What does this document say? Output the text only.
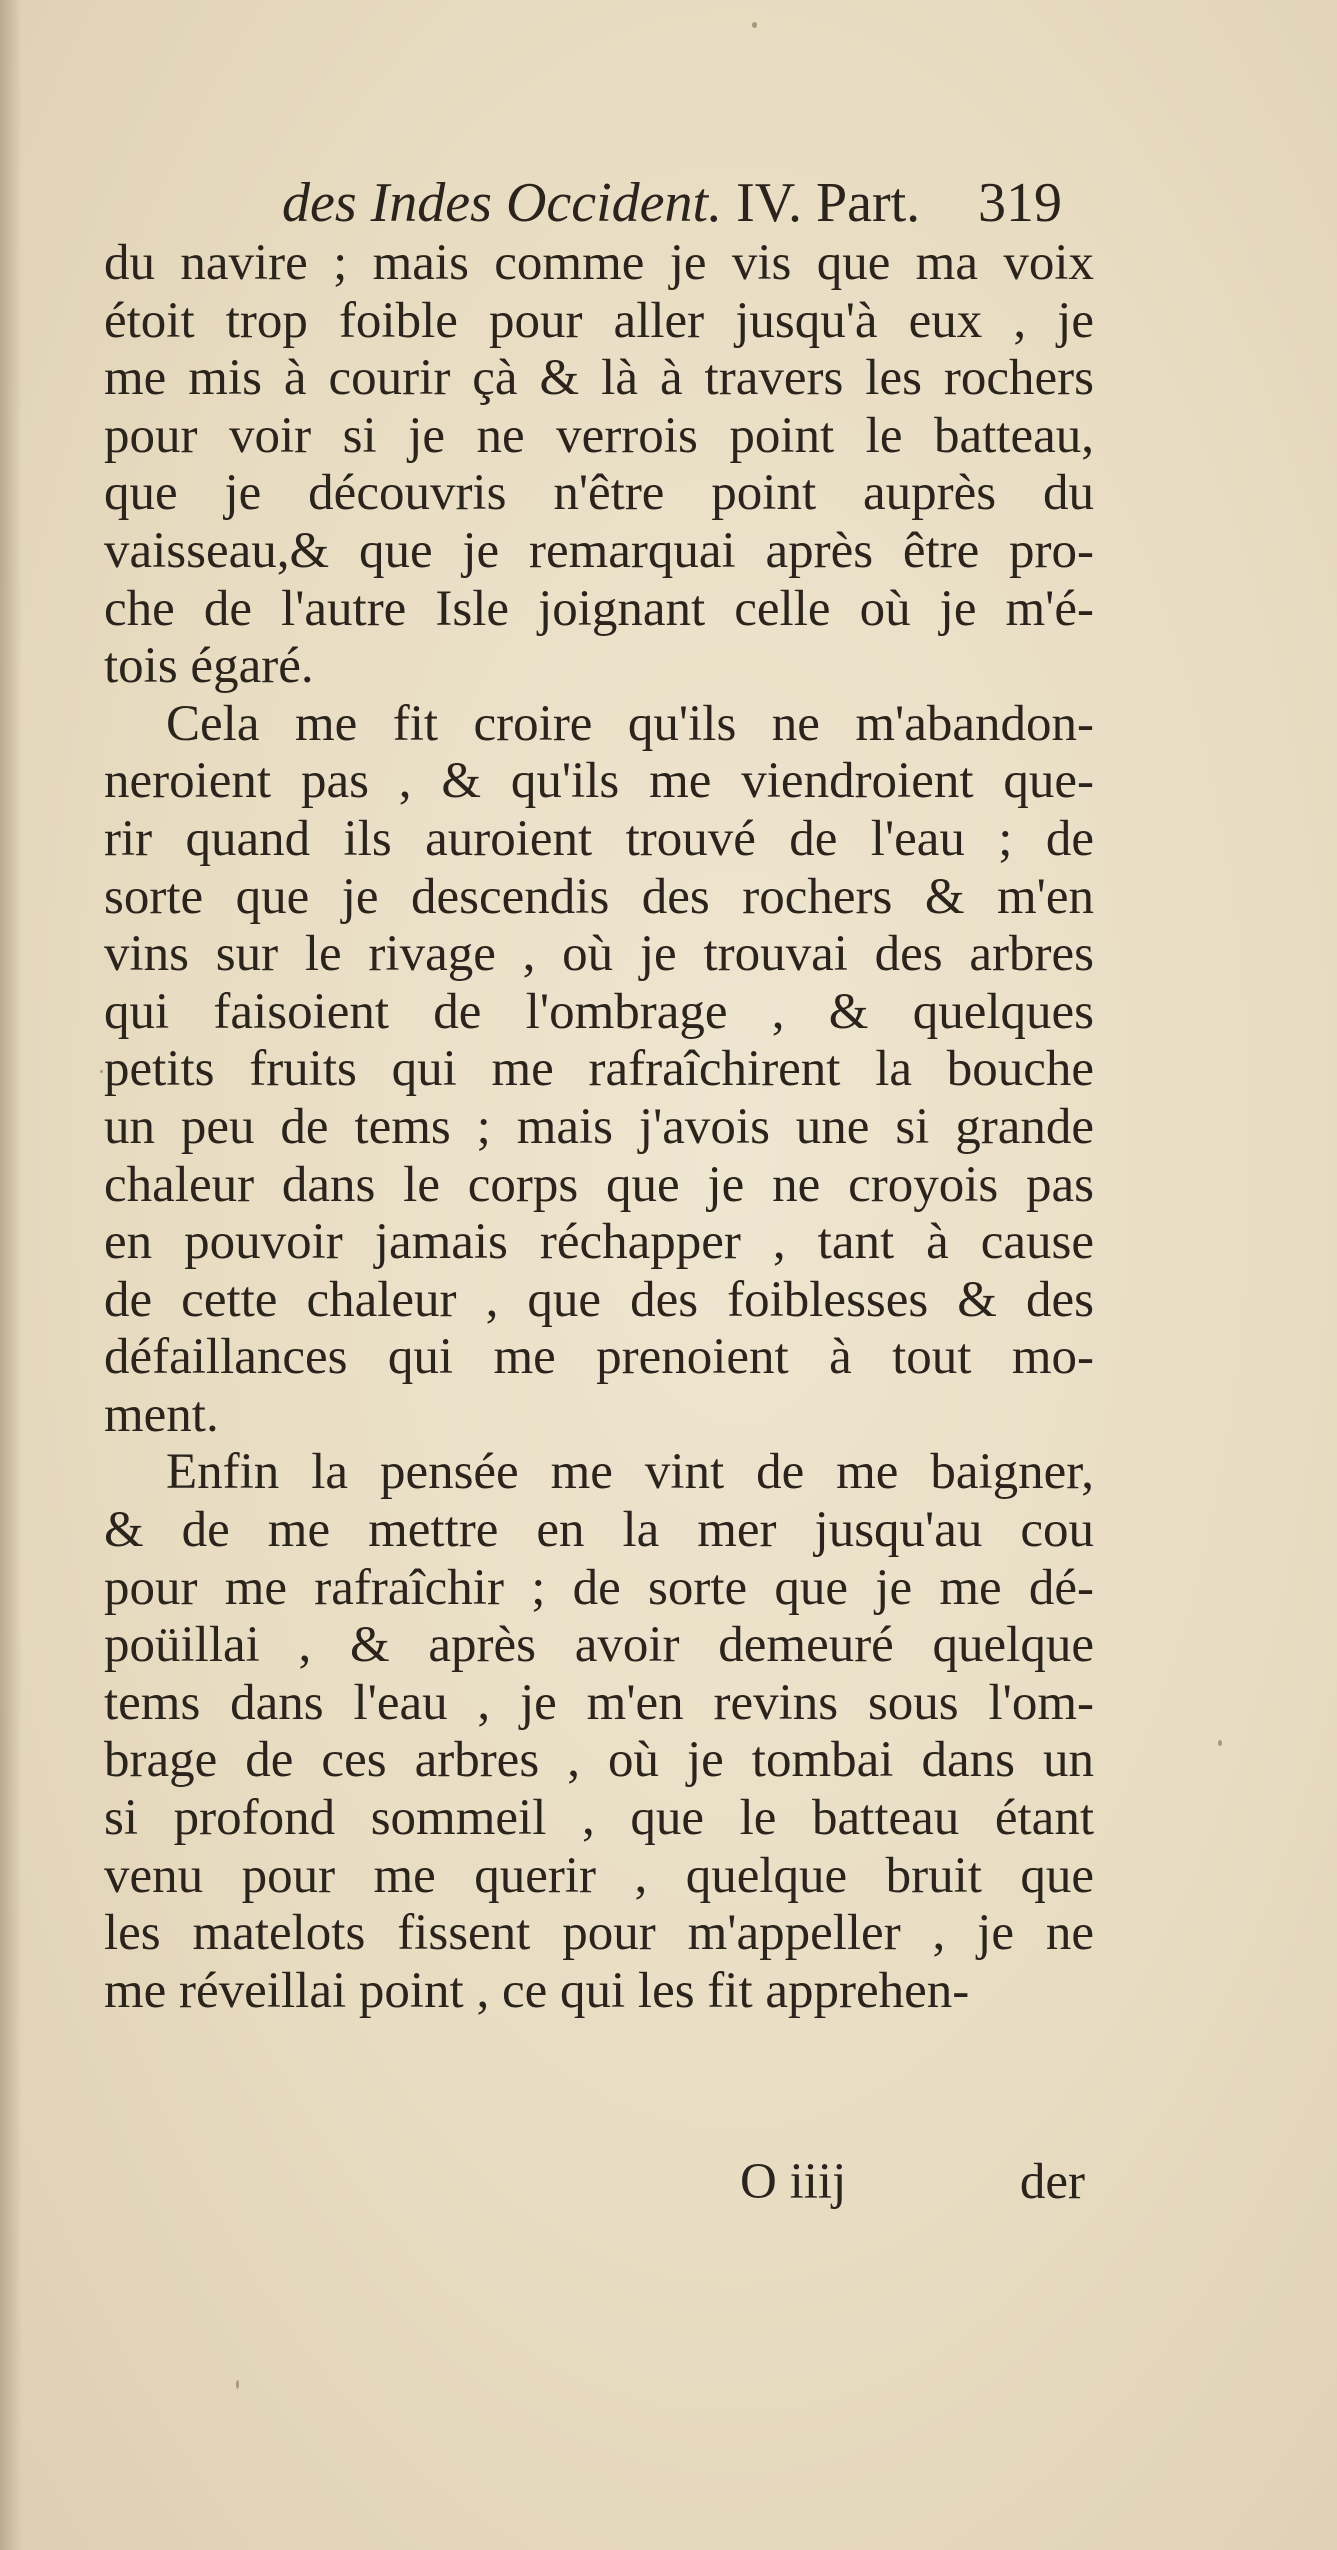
des Indes Occident. IV. Part. 319
du navire ; mais comme je vis que ma voix
étoit trop foible pour aller jusqu'à eux , je
me mis à courir çà & là à travers les rochers
pour voir si je ne verrois point le batteau,
que je découvris n'être point auprès du
vaisseau,& que je remarquai après être pro-
che de l'autre Isle joignant celle où je m'é-
tois égaré.
Cela me fit croire qu'ils ne m'abandon-
neroient pas , & qu'ils me viendroient que-
rir quand ils auroient trouvé de l'eau ; de
sorte que je descendis des rochers & m'en
vins sur le rivage , où je trouvai des arbres
qui faisoient de l'ombrage , & quelques
petits fruits qui me rafraîchirent la bouche
un peu de tems ; mais j'avois une si grande
chaleur dans le corps que je ne croyois pas
en pouvoir jamais réchapper , tant à cause
de cette chaleur , que des foiblesses & des
défaillances qui me prenoient à tout mo-
ment.
Enfin la pensée me vint de me baigner,
& de me mettre en la mer jusqu'au cou
pour me rafraîchir ; de sorte que je me dé-
poüillai , & après avoir demeuré quelque
tems dans l'eau , je m'en revins sous l'om-
brage de ces arbres , où je tombai dans un
si profond sommeil , que le batteau étant
venu pour me querir , quelque bruit que
les matelots fissent pour m'appeller , je ne
me réveillai point , ce qui les fit apprehen-
O iiij	der
